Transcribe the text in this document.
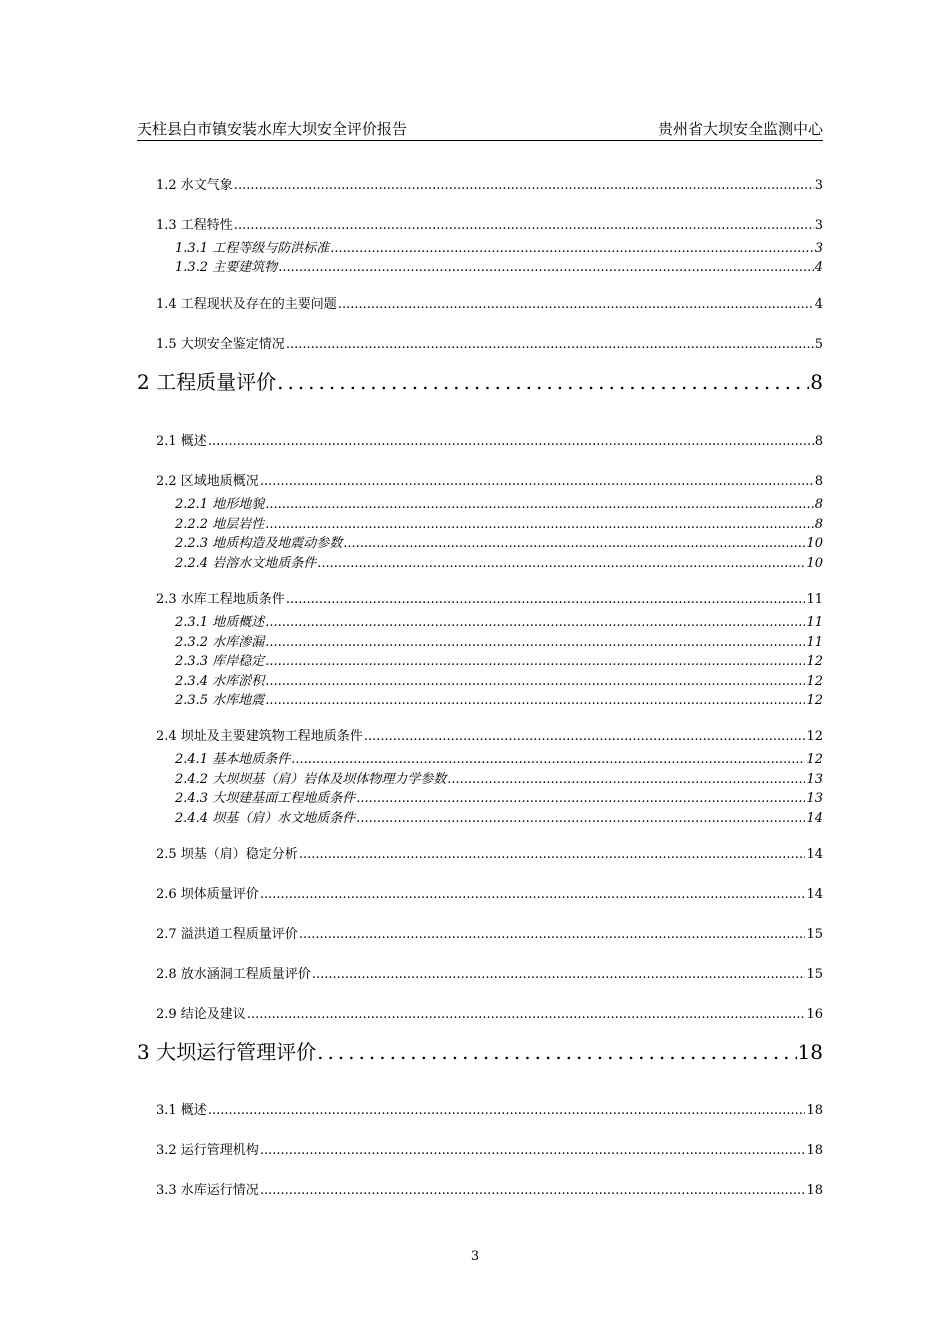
天柱县白市镇安装水库大坝安全评价报告	贵州省大坝安全监测中心
1.2 水文气象 .....	3
1.3 工程特性 .....	3
1.3.1 工程等级与防洪标准 .....	3
1.3.2 主要建筑物 .....	4
1.4 工程现状及存在的主要问题 .....	4
1.5 大坝安全鉴定情况 .....	5
2 工程质量评价 .....	8
2.1 概述 .....	8
2.2 区域地质概况 .....	8
2.2.1 地形地貌 .....	8
2.2.2 地层岩性 .....	8
2.2.3 地质构造及地震动参数 .....	10
2.2.4 岩溶水文地质条件 .....	10
2.3 水库工程地质条件 .....	11
2.3.1 地质概述 .....	11
2.3.2 水库渗漏 .....	11
2.3.3 库岸稳定 .....	12
2.3.4 水库淤积 .....	12
2.3.5 水库地震 .....	12
2.4 坝址及主要建筑物工程地质条件 .....	12
2.4.1 基本地质条件 .....	12
2.4.2 大坝坝基（肩）岩体及坝体物理力学参数 .....	13
2.4.3 大坝建基面工程地质条件 .....	13
2.4.4 坝基（肩）水文地质条件 .....	14
2.5 坝基（肩）稳定分析 .....	14
2.6 坝体质量评价 .....	14
2.7 溢洪道工程质量评价 .....	15
2.8 放水涵洞工程质量评价 .....	15
2.9 结论及建议 .....	16
3 大坝运行管理评价 .....	18
3.1 概述 .....	18
3.2 运行管理机构 .....	18
3.3 水库运行情况 .....	18
3
